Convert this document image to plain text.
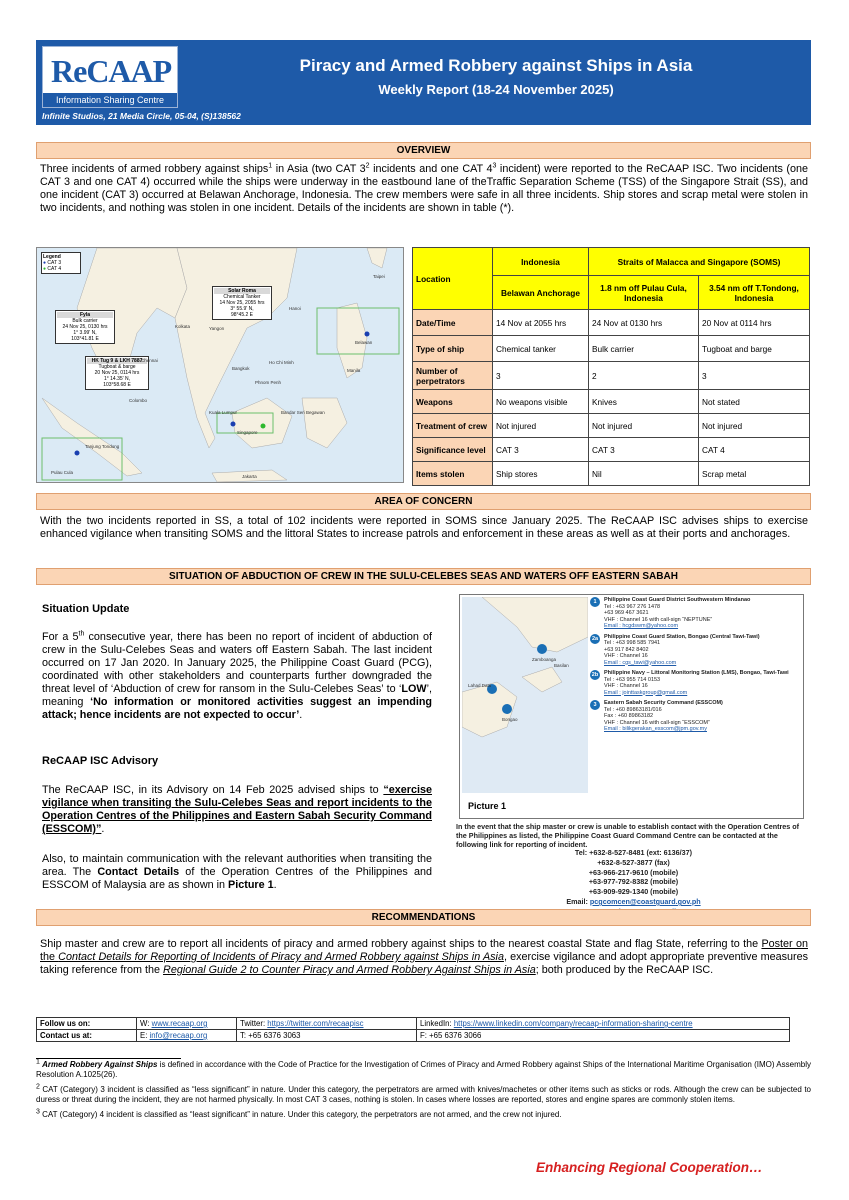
ReCAAP
Information Sharing Centre
Piracy and Armed Robbery against Ships in Asia
Weekly Report (18-24 November 2025)
Infinite Studios, 21 Media Circle, 05-04, (S)138562
OVERVIEW
Three incidents of armed robbery against ships$^1$ in Asia (two CAT $3^2$ incidents and one CAT $4^3$ incident) were reported to the ReCAAP ISC. Two incidents (one CAT 3 and one CAT 4) occurred while the ships were underway in the eastbound lane of theTraffic Separation Scheme (TSS) of the Singapore Strait (SS), and one incident (CAT 3) occurred at Belawan Anchorage, Indonesia. The crew members were safe in all three incidents. Ship stores and scrap metal were stolen in two incidents, and nothing was stolen in one incident. Details of the incidents are shown in table (*).
Legend
● CAT 3
● CAT 4
Fyla
Bulk carrier
24 Nov 25, 0130 hrs
1° 3.99' N,
103°41.81 E
Solar Roma
Chemical Tanker
14 Nov 25, 2055 hrs
3° 55.9' N,
98°45.2 E
HK Tug 9 & LKH 7887
Tugboat & barge
20 Nov 25, 0114 hrs
1° 14.35' N,
103°58.68 E
Bangkok
Phnom Penh
Ho Chi Minh
Kuala Lumpur
Singapore
Jakarta
Manila
Hanoi
Bandar Seri Begawan
Chennai
Colombo
Yangon
Kolkata
Taipei
Tanjung Tondong
Pulau Cula
Belawan
Location	Indonesia	Straits of Malacca and Singapore (SOMS)	
	Belawan Anchorage	1.8 nm off Pulau Cula, Indonesia	3.54 nm off T.Tondong, Indonesia
Date/Time	14 Nov at 2055 hrs	24 Nov at 0130 hrs	20 Nov at 0114 hrs
Type of ship	Chemical tanker	Bulk carrier	Tugboat and barge
Number of perpetrators	3	2	3
Weapons	No weapons visible	Knives	Not stated
Treatment of crew	Not injured	Not injured	Not injured
Significance level	CAT 3	CAT 3	CAT 4
Items stolen	Ship stores	Nil	Scrap metal
AREA OF CONCERN
With the two incidents reported in SS, a total of 102 incidents were reported in SOMS since January 2025. The ReCAAP ISC advises ships to exercise enhanced vigilance when transiting SOMS and the littoral States to increase patrols and enforcement in these areas as well as at their ports and anchorages.
SITUATION OF ABDUCTION OF CREW IN THE SULU-CELEBES SEAS AND WATERS OFF EASTERN SABAH
Situation Update
For a 5th consecutive year, there has been no report of incident of abduction of crew in the Sulu-Celebes Seas and waters off Eastern Sabah. The last incident occurred on 17 Jan 2020. In January 2025, the Philippine Coast Guard (PCG), coordinated with other stakeholders and counterparts further downgraded the threat level of ‘Abduction of crew for ransom in the Sulu-Celebes Seas’ to ‘LOW’, meaning ‘No information or monitored activities suggest an impending attack; hence incidents are not expected to occur’.
ReCAAP ISC Advisory
The ReCAAP ISC, in its Advisory on 14 Feb 2025 advised ships to “exercise vigilance when transiting the Sulu-Celebes Seas and report incidents to the Operation Centres of the Philippines and Eastern Sabah Security Command (ESSCOM)”.
Also, to maintain communication with the relevant authorities when transiting the area. The Contact Details of the Operation Centres of the Philippines and ESSCOM of Malaysia are as shown in Picture 1.
Zamboanga
Lahad Datu
Bongao
Basilan
1	Philippine Coast Guard District Southwestern Mindanao
Tel : +63 967 276 1478
+63 969 467 3621
VHF : Channel 16 with call-sign “NEPTUNE”
Email : hcgdswm@yahoo.com
2a	Philippine Coast Guard Station, Bongao (Central Tawi-Tawi)
Tel : +63 998 585 7941
+63 917 842 8402
VHF : Channel 16
Email : cgs_tawi@yahoo.com
2b	Philippine Navy – Littoral Monitoring Station (LMS), Bongao, Tawi-Tawi
Tel : +63 955 714 0153
VHF : Channel 16
Email : jointtaskgroup@gmail.com
3	Eastern Sabah Security Command (ESSCOM)
Tel : +60 89863181/016
Fax : +60 89863182
VHF : Channel 16 with call-sign “ESSCOM”
Email : bilikgerakan_esscom@jpm.gov.my
Picture 1
In the event that the ship master or crew is unable to establish contact with the Operation Centres of the Philippines as listed, the Philippine Coast Guard Command Centre can be contacted at the following link for reporting of incident.
Tel: +632-8-527-8481 (ext: 6136/37)
+632-8-527-3877 (fax)
+63-966-217-9610 (mobile)
+63-977-792-8382 (mobile)
+63-909-929-1340 (mobile)
Email: pcgcomcen@coastguard.gov.ph
RECOMMENDATIONS
Ship master and crew are to report all incidents of piracy and armed robbery against ships to the nearest coastal State and flag State, referring to the Poster on the Contact Details for Reporting of Incidents of Piracy and Armed Robbery against Ships in Asia, exercise vigilance and adopt appropriate preventive measures taking reference from the Regional Guide 2 to Counter Piracy and Armed Robbery Against Ships in Asia; both produced by the ReCAAP ISC.
Follow us on:	W: www.recaap.org	Twitter: https://twitter.com/recaapisc	LinkedIn: https://www.linkedin.com/company/recaap-information-sharing-centre
Contact us at:	E: info@recaap.org	T: +65 6376 3063	F: +65 6376 3066
$^1$ Armed Robbery Against Ships is defined in accordance with the Code of Practice for the Investigation of Crimes of Piracy and Armed Robbery against Ships of the International Maritime Organisation (IMO) Assembly Resolution A.1025(26).
$^2$ CAT (Category) 3 incident is classified as “less significant” in nature. Under this category, the perpetrators are armed with knives/machetes or other items such as sticks or rods. Although the crew can be subjected to duress or threat during the incident, they are not harmed physically. In most CAT 3 cases, nothing is stolen. In cases where losses are reported, stores and engine spares are commonly stolen items.
$^3$ CAT (Category) 4 incident is classified as “least significant” in nature. Under this category, the perpetrators are not armed, and the crew not injured.
Enhancing Regional Cooperation…
